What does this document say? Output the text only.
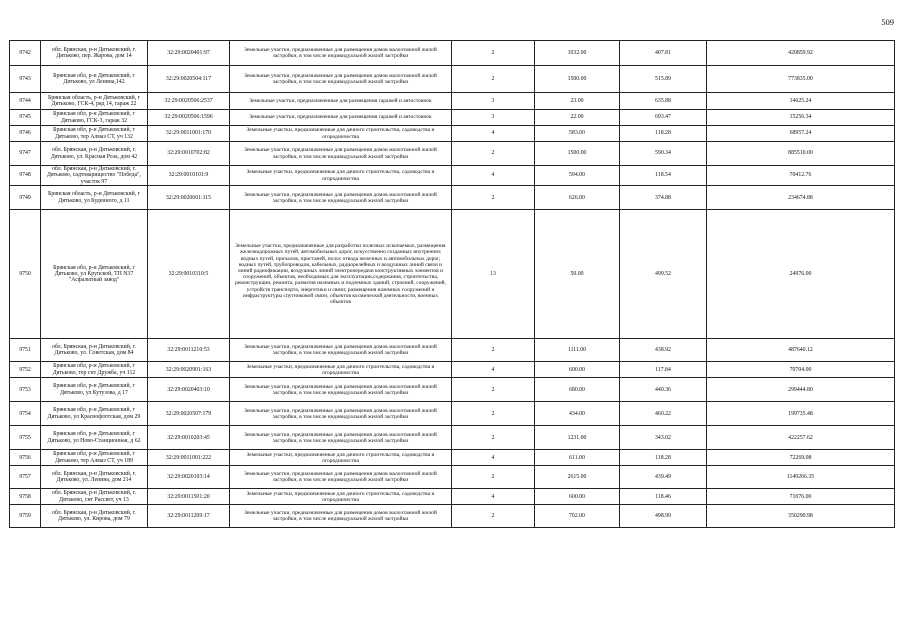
509
9742	обл. Брянская, р-н Дятьковский, г. Дятьково, пер. Жарова, дом 14	32:29:0020401:97	Земельные участки, предназначенные для размещения домов малоэтажной жилой застройки, в том числе индивидуальной жилой застройки	2	1032.00	407.81	420859.92
9743	Брянская обл, р-н Дятьковский, г Дятьково, ул Ленина,142	32:29:0020504:117	Земельные участки, предназначенные для размещения домов малоэтажной жилой застройки, в том числе индивидуальной жилой застройки	2	1500.00	515.89	773835.00
9744	Брянская область, р-н Дятьковский, г Дятьково, ГСК-4, ряд 14, гараж 22	32:29:0020506:2537	Земельные участки, предназначенные для размещения гаражей и автостоянок	3	23.00	635.88	14625.24
9745	Брянская обл, р-н Дятьковский, г Дятьково, ГСК-3, гараж 32	32:29:0020506:1596	Земельные участки, предназначенные для размещения гаражей и автостоянок	3	22.00	693.47	15256.34
9746	Брянская обл, р-н Дятьковский, г Дятьково, тер Алмаз СТ, уч 132	32:29:0011001:170	Земельные участки, предназначенные для дачного строительства, садоводства и огородничества	4	583.00	118.28	68957.24
9747	обл. Брянская, р-н Дятьковский, г. Дятьково, ул. Красная Роза, дом 42	32:29:0010702:82	Земельные участки, предназначенные для размещения домов малоэтажной жилой застройки, в том числе индивидуальной жилой застройки	2	1500.00	590.34	885510.00
9748	обл. Брянская, р-н Дятьковский, г. Дятьково, садтоварищество "Победа", участок 97	32:29:0010101:9	Земельные участки, предназначенные для дачного строительства, садоводства и огородничества	4	594.00	118.54	70412.76
9749	Брянская область, р-н Дятьковский, г Дятьково, ул Буденного, д 11	32:29:0020601:115	Земельные участки, предназначенные для размещения домов малоэтажной жилой застройки, в том числе индивидуальной жилой застройки	2	626.00	374.88	234674.88
9750	Брянская обл, р-н Дятьковский, г Дятьково, ул Крупской, ТП N37 "Асфальтный завод"	32:29:0010310:5	Земельные участки, предназначенные для разработки полезных ископаемых, размещения железнодорожных путей, автомобильных дорог, искусственно созданных внутренних водных путей, причалов, пристаней, полос отвода железных и автомобильных дорог, водных путей, трубопроводов, кабельных, радиорелейных и воздушных линий связи и линий радиофикации, воздушных линий электропередачи конструктивных элементов и сооружений, объектов, необходимых для эксплуатации,содержания, строительства, реконструкции, ремонта, развития наземных и подземных зданий, строений, сооружений, устройств транспорта, энергетики и связи; размещения наземных сооружений и инфраструктуры спутниковой связи, объектов космической деятельности, военных объектов	13	50.00	499.52	24976.00
9751	обл. Брянская, р-н Дятьковский, г. Дятьково, ул. Советская, дом 84	32:29:0011210:53	Земельные участки, предназначенные для размещения домов малоэтажной жилой застройки, в том числе индивидуальной жилой застройки	2	1111.00	438.92	487640.12
9752	Брянская обл, р-н Дятьковский, г Дятьково, тер снт Дружба, уч 112	32:29:0020901:163	Земельные участки, предназначенные для дачного строительства, садоводства и огородничества	4	600.00	117.84	70704.00
9753	Брянская обл, р-н Дятьковский, г Дятьково, ул Кутузова, д 17	32:29:0020403:10	Земельные участки, предназначенные для размещения домов малоэтажной жилой застройки, в том числе индивидуальной жилой застройки	2	680.00	440.36	299444.80
9754	Брянская обл, р-н Дятьковский, г Дятьково, ул Краснофлотская, дом 29	32:29:0020507:179	Земельные участки, предназначенные для размещения домов малоэтажной жилой застройки, в том числе индивидуальной жилой застройки	2	434.00	460.22	199735.48
9755	Брянская обл, р-н Дятьковский, г Дятьково, ул Ново-Станционная, д 62	32:29:0010203:45	Земельные участки, предназначенные для размещения домов малоэтажной жилой застройки, в том числе индивидуальной жилой застройки	2	1231.00	343.02	422257.62
9756	Брянская обл, р-н Дятьковский, г Дятьково, тер Алмаз СТ, уч 189	32:29:0011001:222	Земельные участки, предназначенные для дачного строительства, садоводства и огородничества	4	611.00	118.28	72269.08
9757	обл. Брянская, р-н Дятьковский, г. Дятьково, ул. Ленина, дом 214	32:29:0020103:14	Земельные участки, предназначенные для размещения домов малоэтажной жилой застройки, в том числе индивидуальной жилой застройки	2	2615.00	439.49	1149266.35
9758	обл. Брянская, р-н Дятьковский, г. Дятьково, снт Рассвет, уч 13	32:29:0011501:20	Земельные участки, предназначенные для дачного строительства, садоводства и огородничества	4	600.00	118.46	71076.00
9759	обл. Брянская, р-н Дятьковский, г. Дятьково, ул. Кирова, дом 79	32:29:0011209:17	Земельные участки, предназначенные для размещения домов малоэтажной жилой застройки, в том числе индивидуальной жилой застройки	2	702.00	498.99	350290.98
